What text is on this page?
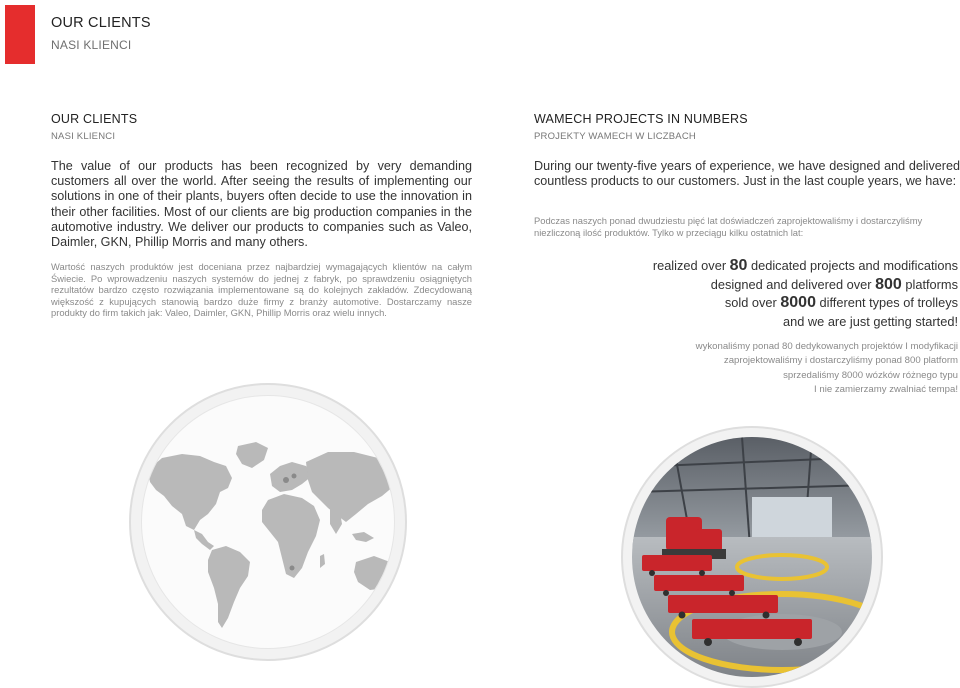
OUR CLIENTS
NASI KLIENCI
OUR CLIENTS
NASI KLIENCI
The value of our products has been recognized by very demanding customers all over the world. After seeing the results of implementing our solutions in one of their plants, buyers often decide to use the innovation in their other facilities. Most of our clients are big production companies in the automotive industry. We deliver our products to companies such as Valeo, Daimler, GKN, Phillip Morris and many others.
Wartość naszych produktów jest doceniana przez najbardziej wymagających klientów na całym Świecie. Po wprowadzeniu naszych systemów do jednej z fabryk, po sprawdzeniu osiągniętych rezultatów bardzo często rozwiązania implementowane są do kolejnych zakładów. Zdecydowaną większość z kupujących stanowią bardzo duże firmy z branży automotive. Dostarczamy nasze produkty do firm takich jak: Valeo, Daimler, GKN, Phillip Morris oraz wielu innych.
WAMECH PROJECTS IN NUMBERS
PROJEKTY WAMECH W LICZBACH
During our twenty-five years of experience, we have designed and delivered countless products to our customers. Just in the last couple years, we have:
Podczas naszych ponad dwudziestu pięć lat doświadczeń zaprojektowaliśmy i dostarczyliśmy niezliczoną ilość produktów. Tylko w przeciągu kilku ostatnich lat:
realized over 80 dedicated projects and modifications
designed and delivered over 800 platforms
sold over 8000 different types of trolleys
and we are just getting started!
wykonaliśmy ponad 80 dedykowanych projektów I modyfikacji
zaprojektowaliśmy i dostarczyliśmy ponad 800 platform
sprzedaliśmy 8000 wózków różnego typu
I nie zamierzamy zwalniać tempa!
